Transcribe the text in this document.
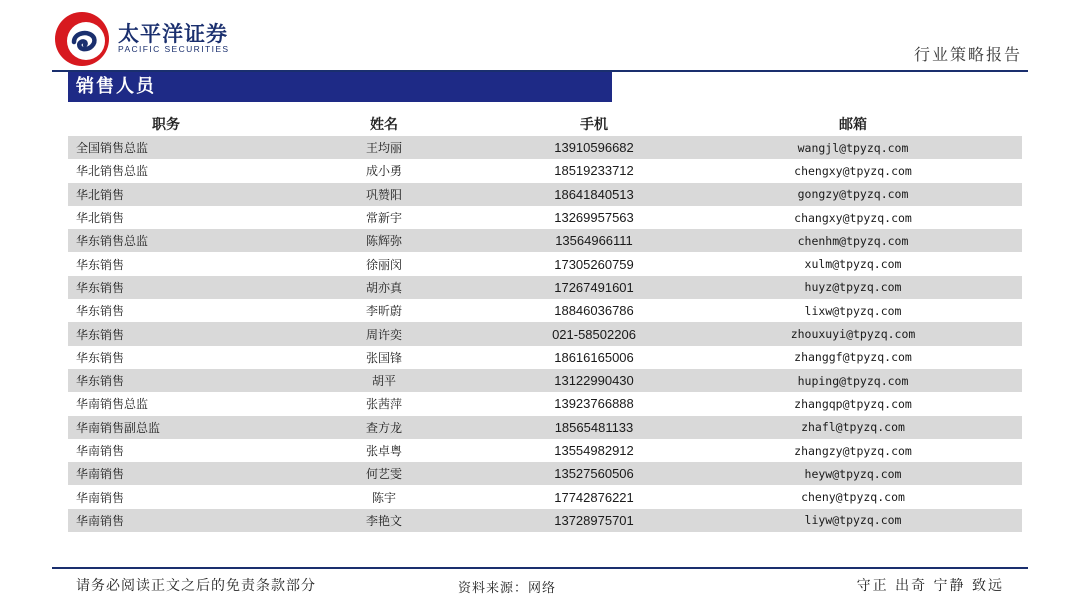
太平洋证券
PACIFIC SECURITIES	行业策略报告
销售人员
职务	姓名	手机	邮箱
全国销售总监	王均丽	13910596682	wangjl@tpyzq.com
华北销售总监	成小勇	18519233712	chengxy@tpyzq.com
华北销售	巩赞阳	18641840513	gongzy@tpyzq.com
华北销售	常新宇	13269957563	changxy@tpyzq.com
华东销售总监	陈辉弥	13564966111	chenhm@tpyzq.com
华东销售	徐丽闵	17305260759	xulm@tpyzq.com
华东销售	胡亦真	17267491601	huyz@tpyzq.com
华东销售	李昕蔚	18846036786	lixw@tpyzq.com
华东销售	周许奕	021-58502206	zhouxuyi@tpyzq.com
华东销售	张国锋	18616165006	zhanggf@tpyzq.com
华东销售	胡平	13122990430	huping@tpyzq.com
华南销售总监	张茜萍	13923766888	zhangqp@tpyzq.com
华南销售副总监	查方龙	18565481133	zhafl@tpyzq.com
华南销售	张卓粤	13554982912	zhangzy@tpyzq.com
华南销售	何艺雯	13527560506	heyw@tpyzq.com
华南销售	陈宇	17742876221	cheny@tpyzq.com
华南销售	李艳文	13728975701	liyw@tpyzq.com
请务必阅读正文之后的免责条款部分	资料来源：网络	守正 出奇 宁静 致远
